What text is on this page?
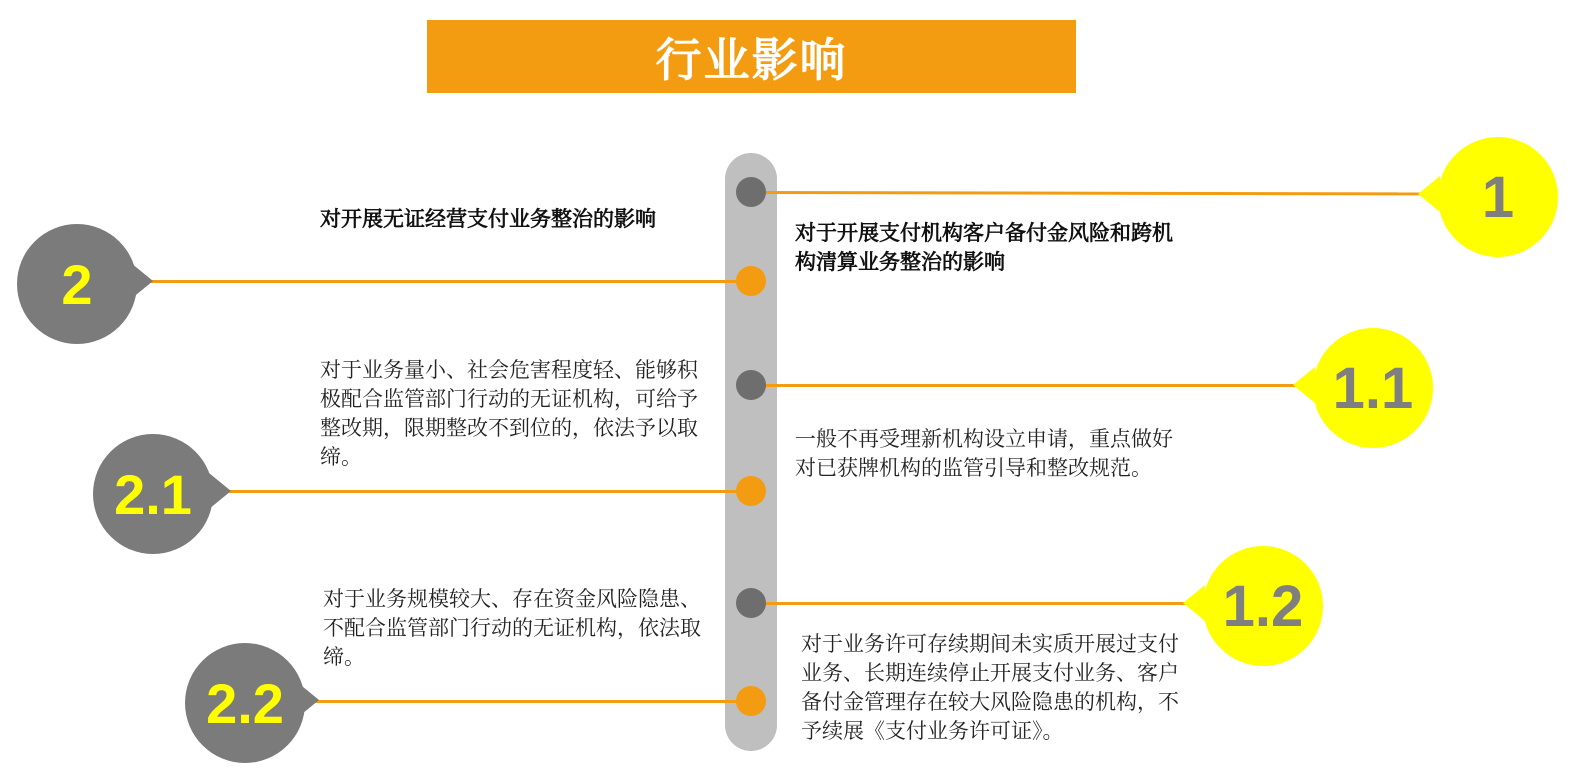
行业影响
1
1.1
1.2
2
2.1
2.2
对开展无证经营支付业务整治的影响
对于开展支付机构客户备付金风险和跨机构清算业务整治的影响
对于业务量小、社会危害程度轻、能够积极配合监管部门行动的无证机构，可给予整改期，限期整改不到位的，依法予以取缔。
一般不再受理新机构设立申请，重点做好对已获牌机构的监管引导和整改规范。
对于业务规模较大、存在资金风险隐患、不配合监管部门行动的无证机构，依法取缔。
对于业务许可存续期间未实质开展过支付业务、长期连续停止开展支付业务、客户备付金管理存在较大风险隐患的机构，不予续展《支付业务许可证》。
